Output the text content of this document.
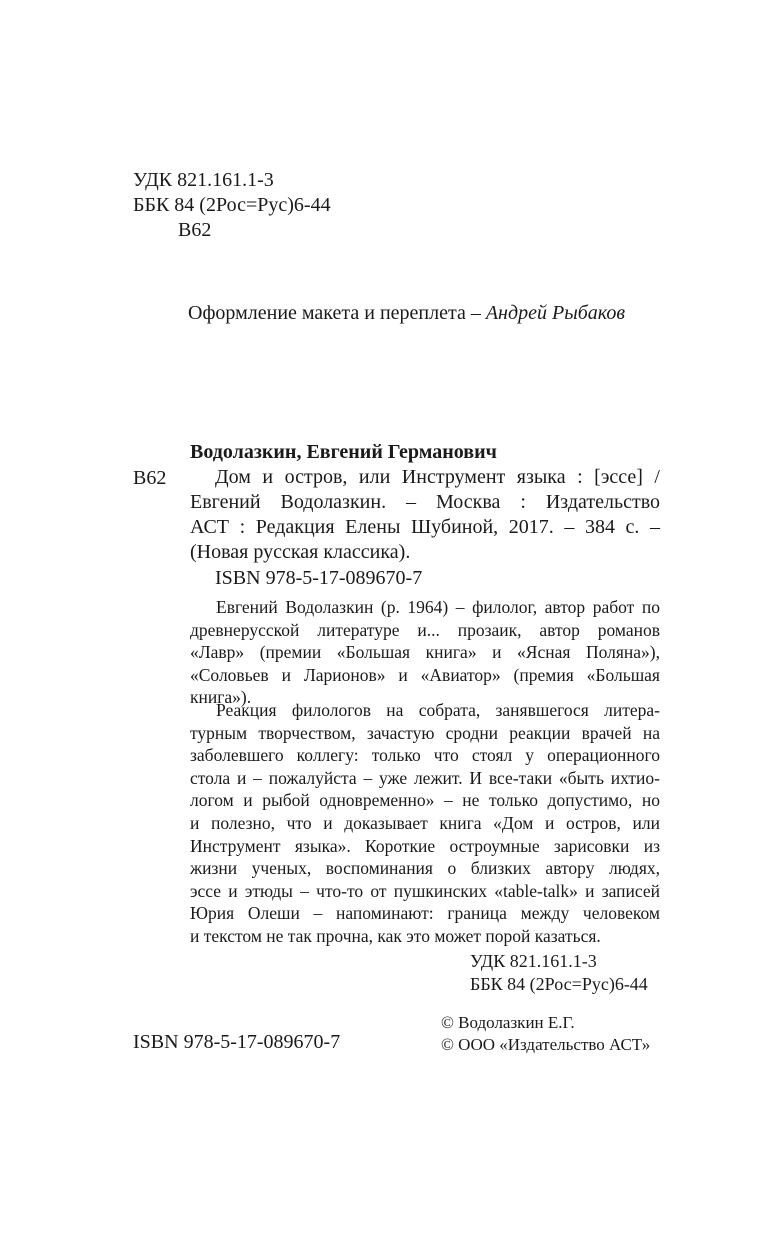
УДК 821.161.1-3
ББК 84 (2Рос=Рус)6-44
В62
Оформление макета и переплета – Андрей Рыбаков
Водолазкин, Евгений Германович
В62 Дом и остров, или Инструмент языка : [эссе] /
Евгений Водолазкин. – Москва : Издательство
АСТ : Редакция Елены Шубиной, 2017. – 384 с. –
(Новая русская классика).
ISBN 978-5-17-089670-7
Евгений Водолазкин (р. 1964) – филолог, автор работ по
древнерусской литературе и... прозаик, автор романов
«Лавр» (премии «Большая книга» и «Ясная Поляна»),
«Соловьев и Ларионов» и «Авиатор» (премия «Большая
книга»).
Реакция филологов на собрата, занявшегося литера-
турным творчеством, зачастую сродни реакции врачей на
заболевшего коллегу: только что стоял у операционного
стола и – пожалуйста – уже лежит. И все-таки «быть ихтио-
логом и рыбой одновременно» – не только допустимо, но
и полезно, что и доказывает книга «Дом и остров, или
Инструмент языка». Короткие остроумные зарисовки из
жизни ученых, воспоминания о близких автору людях,
эссе и этюды – что-то от пушкинских «table-talk» и записей
Юрия Олеши – напоминают: граница между человеком
и текстом не так прочна, как это может порой казаться.
УДК 821.161.1-3
ББК 84 (2Рос=Рус)6-44
ISBN 978-5-17-089670-7
© Водолазкин Е.Г.
© ООО «Издательство АСТ»
